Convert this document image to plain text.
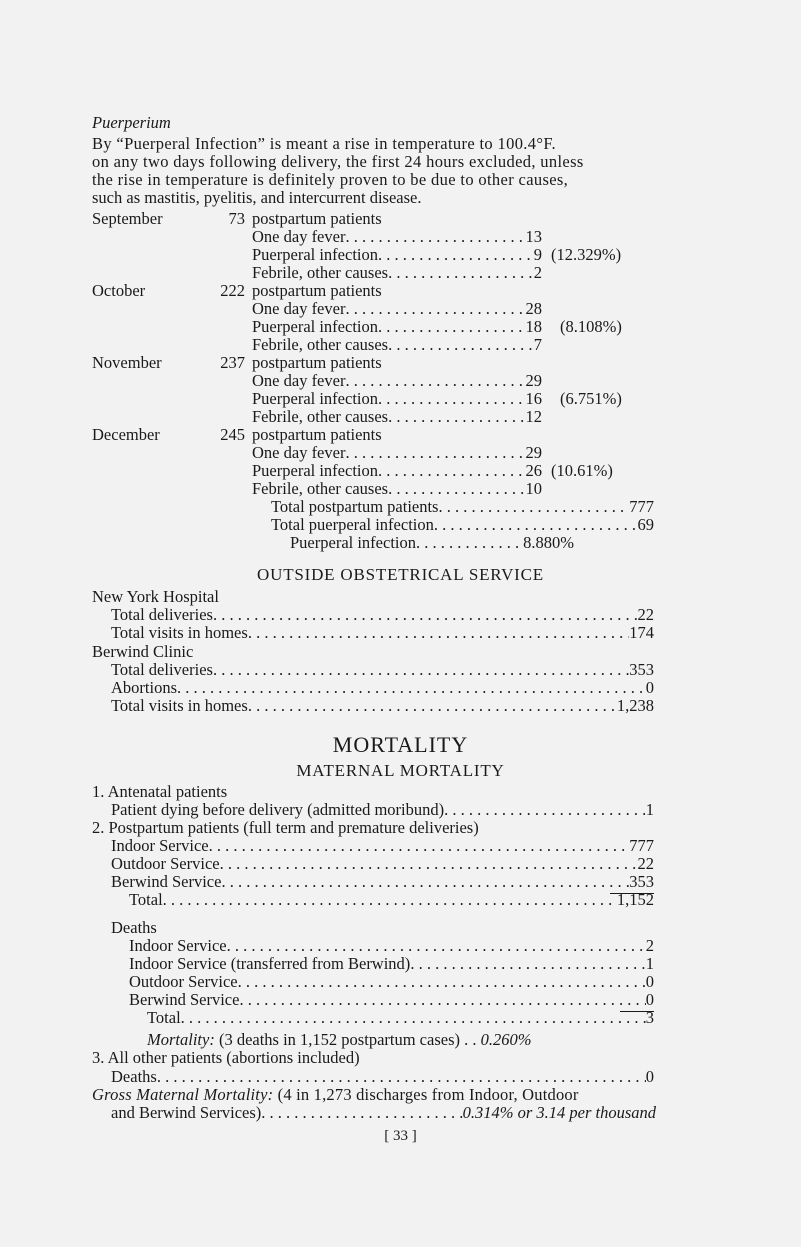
Puerperium
By “Puerperal Infection” is meant a rise in temperature to 100.4°F.
on any two days following delivery, the first 24 hours excluded, unless
the rise in temperature is definitely proven to be due to other causes,
such as mastitis, pyelitis, and intercurrent disease.
September	73 postpartum patients
One day fever . . .	13
Puerperal infection . . .	9 (12.329%)
Febrile, other causes . . .	2
October	222 postpartum patients
One day fever . . .	28
Puerperal infection . . .	18 (8.108%)
Febrile, other causes . . .	7
November	237 postpartum patients
One day fever . . .	29
Puerperal infection . . .	16 (6.751%)
Febrile, other causes . . .	12
December	245 postpartum patients
One day fever . . .	29
Puerperal infection . . .	26 (10.61%)
Febrile, other causes . . .	10
Total postpartum patients . . .	777
Total puerperal infection . . .	69
Puerperal infection . . .	8.880%
OUTSIDE OBSTETRICAL SERVICE
New York Hospital
Total deliveries . . .	22
Total visits in homes . . .	174
Berwind Clinic
Total deliveries . . .	353
Abortions . . .	0
Total visits in homes . . .	1,238
MORTALITY
MATERNAL MORTALITY
1. Antenatal patients
Patient dying before delivery (admitted moribund) . . .	1
2. Postpartum patients (full term and premature deliveries)
Indoor Service . . .	777
Outdoor Service . . .	22
Berwind Service . . .	353
Total . . .	1,152
Deaths
Indoor Service . . .	2
Indoor Service (transferred from Berwind) . . .	1
Outdoor Service . . .	0
Berwind Service . . .	0
Total . . .	3
Mortality: (3 deaths in 1,152 postpartum cases) . . 0.260%
3. All other patients (abortions included)
Deaths . . .	0
Gross Maternal Mortality: (4 in 1,273 discharges from Indoor, Outdoor
and Berwind Services) . . .	0.314% or 3.14 per thousand
[ 33 ]
